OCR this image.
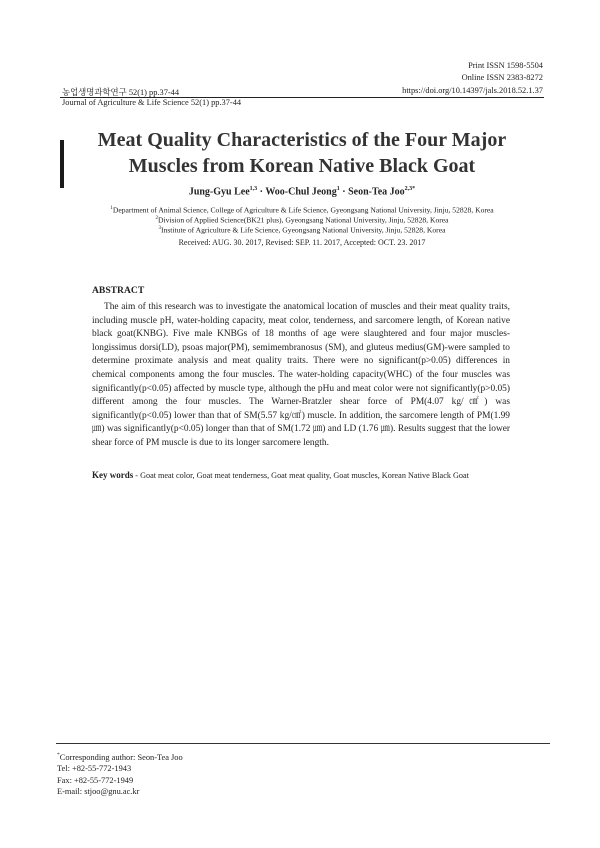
Print ISSN 1598-5504
Online ISSN 2383-8272
농업생명과학연구 52(1) pp.37-44	https://doi.org/10.14397/jals.2018.52.1.37
Journal of Agriculture & Life Science 52(1) pp.37-44
Meat Quality Characteristics of the Four Major
Muscles from Korean Native Black Goat
Jung-Gyu Lee$^{1,3}$ · Woo-Chul Jeong$^1$ · Seon-Tea Joo$^{2,3*}$
$^1$Department of Animal Science, College of Agriculture & Life Science, Gyeongsang National University, Jinju, 52828, Korea
$^2$Division of Applied Science(BK21 plus), Gyeongsang National University, Jinju, 52828, Korea
$^3$Institute of Agriculture & Life Science, Gyeongsang National University, Jinju, 52828, Korea
Received: AUG. 30. 2017, Revised: SEP. 11. 2017, Accepted: OCT. 23. 2017
ABSTRACT

The aim of this research was to investigate the anatomical location of muscles and their meat quality traits, including muscle pH, water-holding capacity, meat color, tenderness, and sarcomere length, of Korean native black goat(KNBG). Five male KNBGs of 18 months of age were slaughtered and four major muscles-longissimus dorsi(LD), psoas major(PM), semimembranosus (SM), and gluteus medius(GM)-were sampled to determine proximate analysis and meat quality traits. There were no significant(p>0.05) differences in chemical components among the four muscles. The water-holding capacity(WHC) of the four muscles was significantly(p<0.05) affected by muscle type, although the pHu and meat color were not significantly(p>0.05) different among the four muscles. The Warner-Bratzler shear force of PM(4.07 kg/㎠) was significantly(p<0.05) lower than that of SM(5.57 kg/㎠) muscle. In addition, the sarcomere length of PM(1.99 ㎛) was significantly(p<0.05) longer than that of SM(1.72 ㎛) and LD (1.76 ㎛). Results suggest that the lower shear force of PM muscle is due to its longer sarcomere length.

Key words - Goat meat color, Goat meat tenderness, Goat meat quality, Goat muscles, Korean Native Black Goat
*Corresponding author: Seon-Tea Joo
Tel: +82-55-772-1943
Fax: +82-55-772-1949
E-mail: stjoo@gnu.ac.kr
